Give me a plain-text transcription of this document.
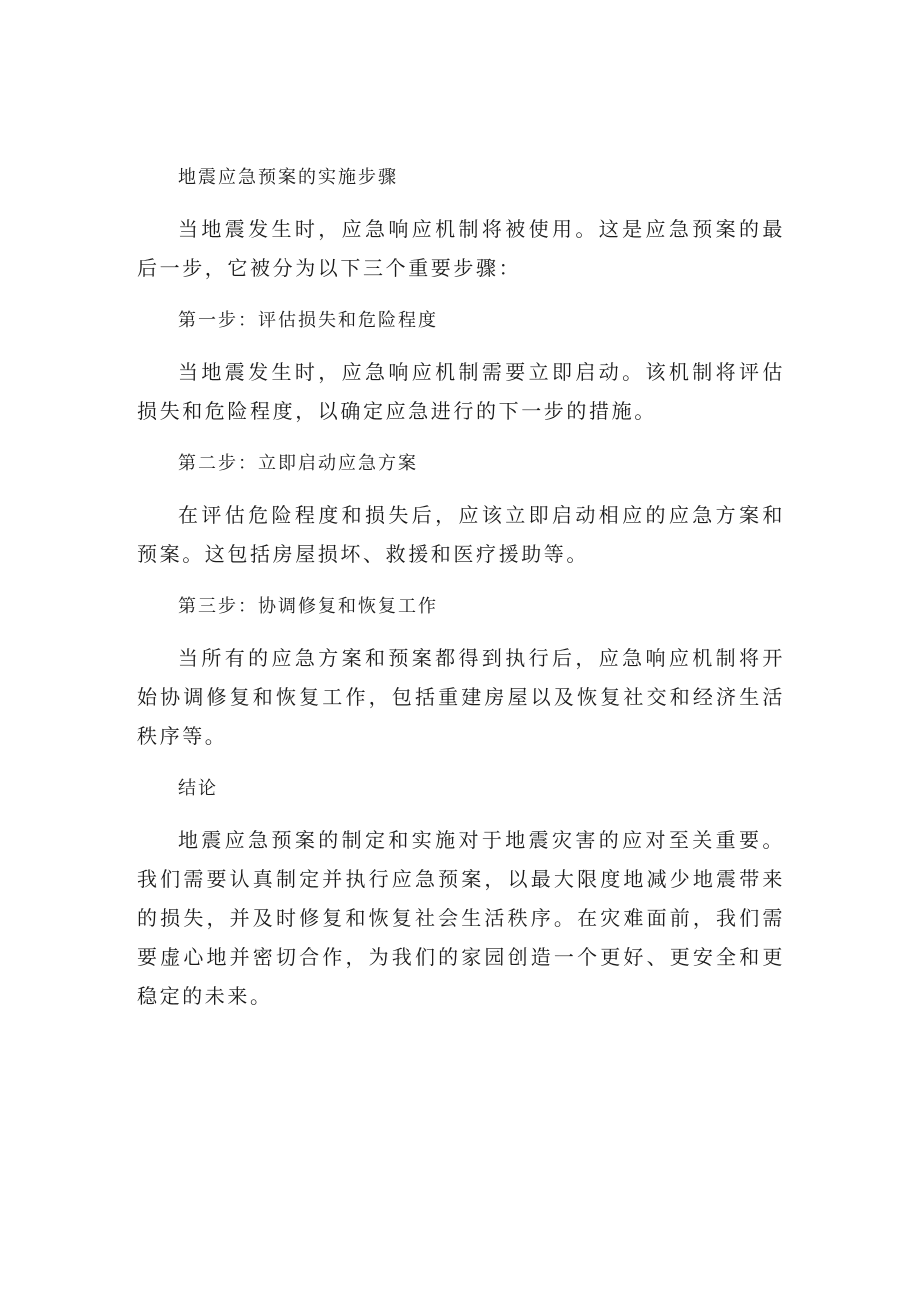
地震应急预案的实施步骤
当地震发生时，应急响应机制将被使用。这是应急预案的最后一步，它被分为以下三个重要步骤：
第一步：评估损失和危险程度
当地震发生时，应急响应机制需要立即启动。该机制将评估损失和危险程度，以确定应急进行的下一步的措施。
第二步：立即启动应急方案
在评估危险程度和损失后，应该立即启动相应的应急方案和预案。这包括房屋损坏、救援和医疗援助等。
第三步：协调修复和恢复工作
当所有的应急方案和预案都得到执行后，应急响应机制将开始协调修复和恢复工作，包括重建房屋以及恢复社交和经济生活秩序等。
结论
地震应急预案的制定和实施对于地震灾害的应对至关重要。我们需要认真制定并执行应急预案，以最大限度地减少地震带来的损失，并及时修复和恢复社会生活秩序。在灾难面前，我们需要虚心地并密切合作，为我们的家园创造一个更好、更安全和更稳定的未来。
